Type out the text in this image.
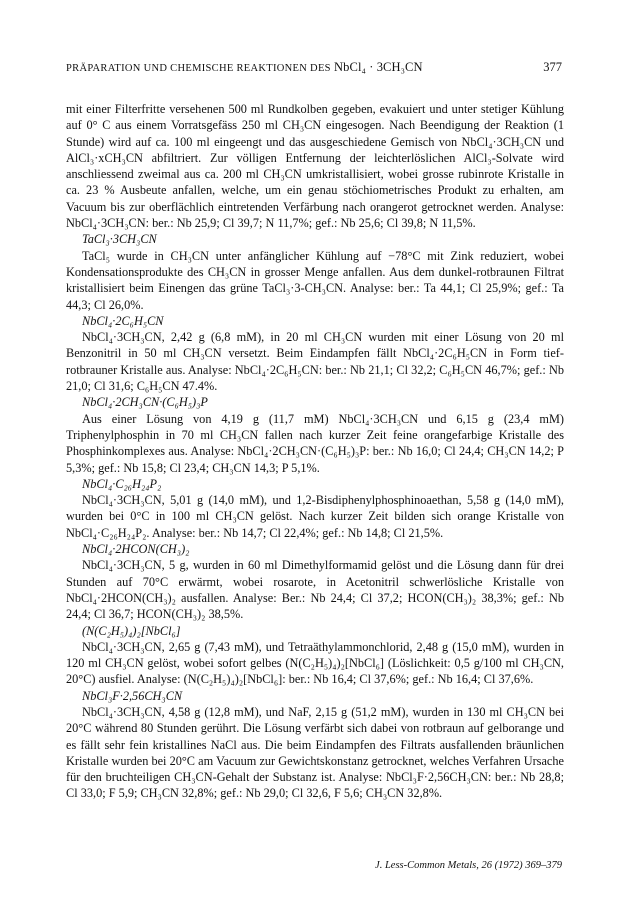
PRÄPARATION UND CHEMISCHE REAKTIONEN DES NbCl₄ · 3CH₃CN	377

mit einer Filterfritte versehenen 500 ml Rundkolben gegeben, evakuiert und unter stetiger Kühlung auf 0° C aus einem Vorratsgefäss 250 ml CH₃CN eingesogen. Nach Beendigung der Reaktion (1 Stunde) wird auf ca. 100 ml eingeengt und das ausgeschiedene Gemisch von NbCl₄·3CH₃CN und AlCl₃·xCH₃CN abfiltriert. Zur völligen Entfernung der leichterlöslichen AlCl₃-Solvate wird anschliessend zweimal aus ca. 200 ml CH₃CN umkristallisiert, wobei grosse rubinrote Kristalle in ca. 23 % Ausbeute anfallen, welche, um ein genau stöchiometrisches Produkt zu erhalten, am Vacuum bis zur oberflächlich eintretenden Verfärbung nach orangerot getrocknet werden. Analyse: NbCl₄·3CH₃CN: ber.: Nb 25,9; Cl 39,7; N 11,7%; gef.: Nb 25,6; Cl 39,8; N 11,5%.

TaCl₃·3CH₃CN

TaCl₅ wurde in CH₃CN unter anfänglicher Kühlung auf −78°C mit Zink reduziert, wobei Kondensationsprodukte des CH₃CN in grosser Menge anfallen. Aus dem dunkel-rotbraunen Filtrat kristallisiert beim Einengen das grüne TaCl₃·3-CH₃CN. Analyse: ber.: Ta 44,1; Cl 25,9%; gef.: Ta 44,3; Cl 26,0%.

NbCl₄·2C₆H₅CN

NbCl₄·3CH₃CN, 2,42 g (6,8 mM), in 20 ml CH₃CN wurden mit einer Lösung von 20 ml Benzonitril in 50 ml CH₃CN versetzt. Beim Eindampfen fällt NbCl₄·2C₆H₅CN in Form tief-rotbrauner Kristalle aus. Analyse: NbCl₄·2C₆H₅CN: ber.: Nb 21,1; Cl 32,2; C₆H₅CN 46,7%; gef.: Nb 21,0; Cl 31,6; C₆H₅CN 47.4%.

NbCl₄·2CH₃CN·(C₆H₅)₃P

Aus einer Lösung von 4,19 g (11,7 mM) NbCl₄·3CH₃CN und 6,15 g (23,4 mM) Triphenylphosphin in 70 ml CH₃CN fallen nach kurzer Zeit feine orangefarbige Kristalle des Phosphinkomplexes aus. Analyse: NbCl₄·2CH₃CN·(C₆H₅)₃P: ber.: Nb 16,0; Cl 24,4; CH₃CN 14,2; P 5,3%; gef.: Nb 15,8; Cl 23,4; CH₃CN 14,3; P 5,1%.

NbCl₄·C₂₆H₂₄P₂

NbCl₄·3CH₃CN, 5,01 g (14,0 mM), und 1,2-Bisdiphenylphosphinoaethan, 5,58 g (14,0 mM), wurden bei 0°C in 100 ml CH₃CN gelöst. Nach kurzer Zeit bilden sich orange Kristalle von NbCl₄·C₂₆H₂₄P₂. Analyse: ber.: Nb 14,7; Cl 22,4%; gef.: Nb 14,8; Cl 21,5%.

NbCl₄·2HCON(CH₃)₂

NbCl₄·3CH₃CN, 5 g, wurden in 60 ml Dimethylformamid gelöst und die Lösung dann für drei Stunden auf 70°C erwärmt, wobei rosarote, in Acetonitril schwerlösliche Kristalle von NbCl₄·2HCON(CH₃)₂ ausfallen. Analyse: Ber.: Nb 24,4; Cl 37,2; HCON(CH₃)₂ 38,3%; gef.: Nb 24,4; Cl 36,7; HCON(CH₃)₂ 38,5%.

(N(C₂H₅)₄)₂[NbCl₆]

NbCl₄·3CH₃CN, 2,65 g (7,43 mM), und Tetraäthylammonchlorid, 2,48 g (15,0 mM), wurden in 120 ml CH₃CN gelöst, wobei sofort gelbes (N(C₂H₅)₄)₂[NbCl₆] (Löslichkeit: 0,5 g/100 ml CH₃CN, 20°C) ausfiel. Analyse: (N(C₂H₅)₄)₂[NbCl₆]: ber.: Nb 16,4; Cl 37,6%; gef.: Nb 16,4; Cl 37,6%.

NbCl₃F·2,56CH₃CN

NbCl₄·3CH₃CN, 4,58 g (12,8 mM), und NaF, 2,15 g (51,2 mM), wurden in 130 ml CH₃CN bei 20°C während 80 Stunden gerührt. Die Lösung verfärbt sich dabei von rotbraun auf gelborange und es fällt sehr fein kristallines NaCl aus. Die beim Eindampfen des Filtrats ausfallenden bräunlichen Kristalle wurden bei 20°C am Vacuum zur Gewichtskonstanz getrocknet, welches Verfahren Ursache für den bruchteiligen CH₃CN-Gehalt der Substanz ist. Analyse: NbCl₃F·2,56CH₃CN: ber.: Nb 28,8; Cl 33,0; F 5,9; CH₃CN 32,8%; gef.: Nb 29,0; Cl 32,6, F 5,6; CH₃CN 32,8%.

J. Less-Common Metals, 26 (1972) 369–379
